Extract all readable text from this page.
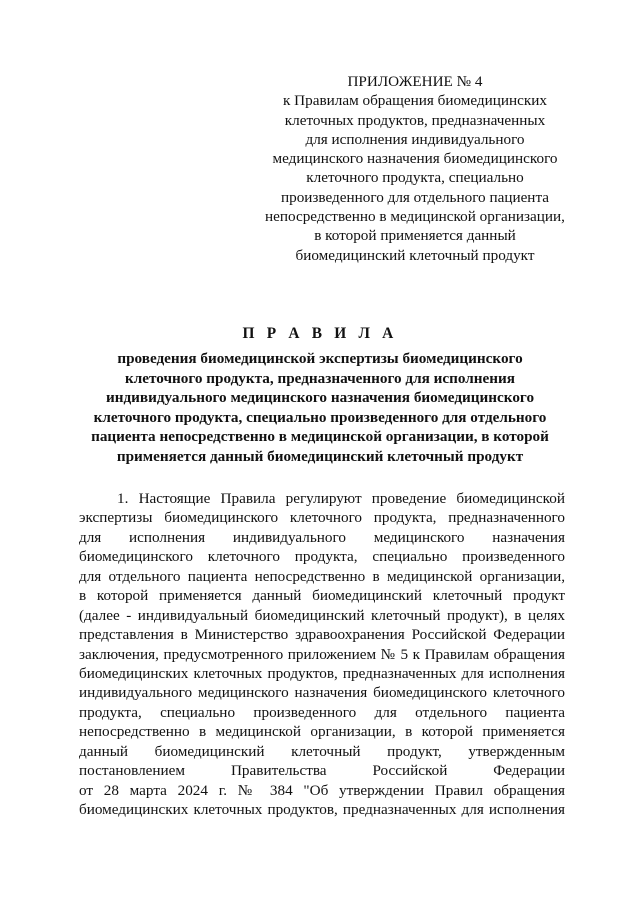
ПРИЛОЖЕНИЕ № 4
к Правилам обращения биомедицинских
клеточных продуктов, предназначенных
для исполнения индивидуального
медицинского назначения биомедицинского
клеточного продукта, специально
произведенного для отдельного пациента
непосредственно в медицинской организации,
в которой применяется данный
биомедицинский клеточный продукт
П Р А В И Л А
проведения биомедицинской экспертизы биомедицинского
клеточного продукта, предназначенного для исполнения
индивидуального медицинского назначения биомедицинского
клеточного продукта, специально произведенного для отдельного
пациента непосредственно в медицинской организации, в которой
применяется данный биомедицинский клеточный продукт
1. Настоящие Правила регулируют проведение биомедицинской
экспертизы биомедицинского клеточного продукта, предназначенного
для исполнения индивидуального медицинского назначения
биомедицинского клеточного продукта, специально произведенного
для отдельного пациента непосредственно в медицинской организации,
в которой применяется данный биомедицинский клеточный продукт
(далее - индивидуальный биомедицинский клеточный продукт), в целях
представления в Министерство здравоохранения Российской Федерации
заключения, предусмотренного приложением № 5 к Правилам обращения
биомедицинских клеточных продуктов, предназначенных для исполнения
индивидуального медицинского назначения биомедицинского клеточного
продукта, специально произведенного для отдельного пациента
непосредственно в медицинской организации, в которой применяется
данный биомедицинский клеточный продукт, утвержденным
постановлением Правительства Российской Федерации
от 28 марта 2024 г. № 384 "Об утверждении Правил обращения
биомедицинских клеточных продуктов, предназначенных для исполнения
